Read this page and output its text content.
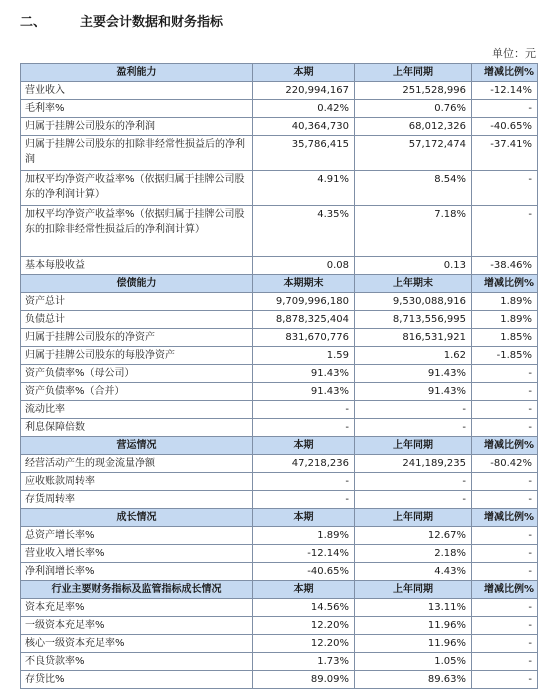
二、	主要会计数据和财务指标
单位：元
盈利能力	本期	上年同期	增减比例%
营业收入	220,994,167	251,528,996	-12.14%
毛利率%	0.42%	0.76%	-
归属于挂牌公司股东的净利润	40,364,730	68,012,326	-40.65%
归属于挂牌公司股东的扣除非经常性损益后的净利润	35,786,415	57,172,474	-37.41%
加权平均净资产收益率%（依据归属于挂牌公司股东的净利润计算）	4.91%	8.54%	-
加权平均净资产收益率%（依据归属于挂牌公司股东的扣除非经常性损益后的净利润计算）	4.35%	7.18%	-
基本每股收益	0.08	0.13	-38.46%
偿债能力	本期期末	上年期末	增减比例%
资产总计	9,709,996,180	9,530,088,916	1.89%
负债总计	8,878,325,404	8,713,556,995	1.89%
归属于挂牌公司股东的净资产	831,670,776	816,531,921	1.85%
归属于挂牌公司股东的每股净资产	1.59	1.62	-1.85%
资产负债率%（母公司）	91.43%	91.43%	-
资产负债率%（合并）	91.43%	91.43%	-
流动比率	-	-	-
利息保障倍数	-	-	-
营运情况	本期	上年同期	增减比例%
经营活动产生的现金流量净额	47,218,236	241,189,235	-80.42%
应收账款周转率	-	-	-
存货周转率	-	-	-
成长情况	本期	上年同期	增减比例%
总资产增长率%	1.89%	12.67%	-
营业收入增长率%	-12.14%	2.18%	-
净利润增长率%	-40.65%	4.43%	-
行业主要财务指标及监管指标成长情况	本期	上年同期	增减比例%
资本充足率%	14.56%	13.11%	-
一级资本充足率%	12.20%	11.96%	-
核心一级资本充足率%	12.20%	11.96%	-
不良贷款率%	1.73%	1.05%	-
存贷比%	89.09%	89.63%	-
